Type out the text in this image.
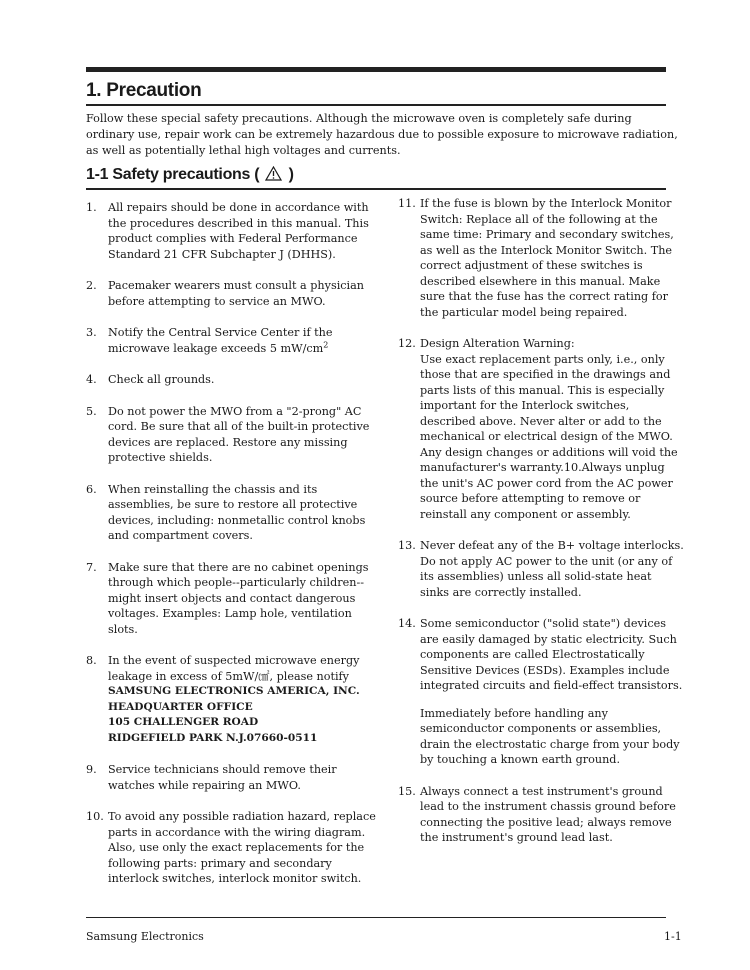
1. Precaution

Follow these special safety precautions. Although the microwave oven is completely safe during ordinary use, repair work can be extremely hazardous due to possible exposure to microwave radiation, as well as potentially lethal high voltages and currents.

1-1 Safety precautions ( )
1.	All repairs should be done in accordance with the procedures described in this manual. This product complies with Federal Performance Standard 21 CFR Subchapter J (DHHS).
2.	Pacemaker wearers must consult a physician before attempting to service an MWO.
3.	Notify the Central Service Center if the microwave leakage exceeds 5 $mW/cm^2$
4.	Check all grounds.
5.	Do not power the MWO from a "2-prong" AC cord. Be sure that all of the built-in protective devices are replaced. Restore any missing protective shields.
6.	When reinstalling the chassis and its assemblies, be sure to restore all protective devices, including: nonmetallic control knobs and compartment covers.
7.	Make sure that there are no cabinet openings through which people--particularly children--might insert objects and contact dangerous voltages. Examples: Lamp hole, ventilation slots.
8.	In the event of suspected microwave energy leakage in excess of 5mW/㎠, please notify
SAMSUNG ELECTRONICS AMERICA, INC.
HEADQUARTER OFFICE
105 CHALLENGER ROAD
RIDGEFIELD PARK N.J.07660-0511
9.	Service technicians should remove their watches while repairing an MWO.
10. To avoid any possible radiation hazard, replace parts in accordance with the wiring diagram. Also, use only the exact replacements for the following parts: primary and secondary interlock switches, interlock monitor switch.
11. If the fuse is blown by the Interlock Monitor Switch: Replace all of the following at the same time: Primary and secondary switches, as well as the Interlock Monitor Switch. The correct adjustment of these switches is described elsewhere in this manual. Make sure that the fuse has the correct rating for the particular model being repaired.
12. Design Alteration Warning:
Use exact replacement parts only, i.e., only those that are specified in the drawings and parts lists of this manual. This is especially important for the Interlock switches, described above. Never alter or add to the mechanical or electrical design of the MWO. Any design changes or additions will void the manufacturer's warranty.10.Always unplug the unit's AC power cord from the AC power source before attempting to remove or reinstall any component or assembly.
13. Never defeat any of the B+ voltage interlocks. Do not apply AC power to the unit (or any of its assemblies) unless all solid-state heat sinks are correctly installed.
14. Some semiconductor ("solid state") devices are easily damaged by static electricity. Such components are called Electrostatically Sensitive Devices (ESDs). Examples include integrated circuits and field-effect transistors.
Immediately before handling any semiconductor components or assemblies, drain the electrostatic charge from your body by touching a known earth ground.
15. Always connect a test instrument's ground lead to the instrument chassis ground before connecting the positive lead; always remove the instrument's ground lead last.
Samsung Electronics	1-1
